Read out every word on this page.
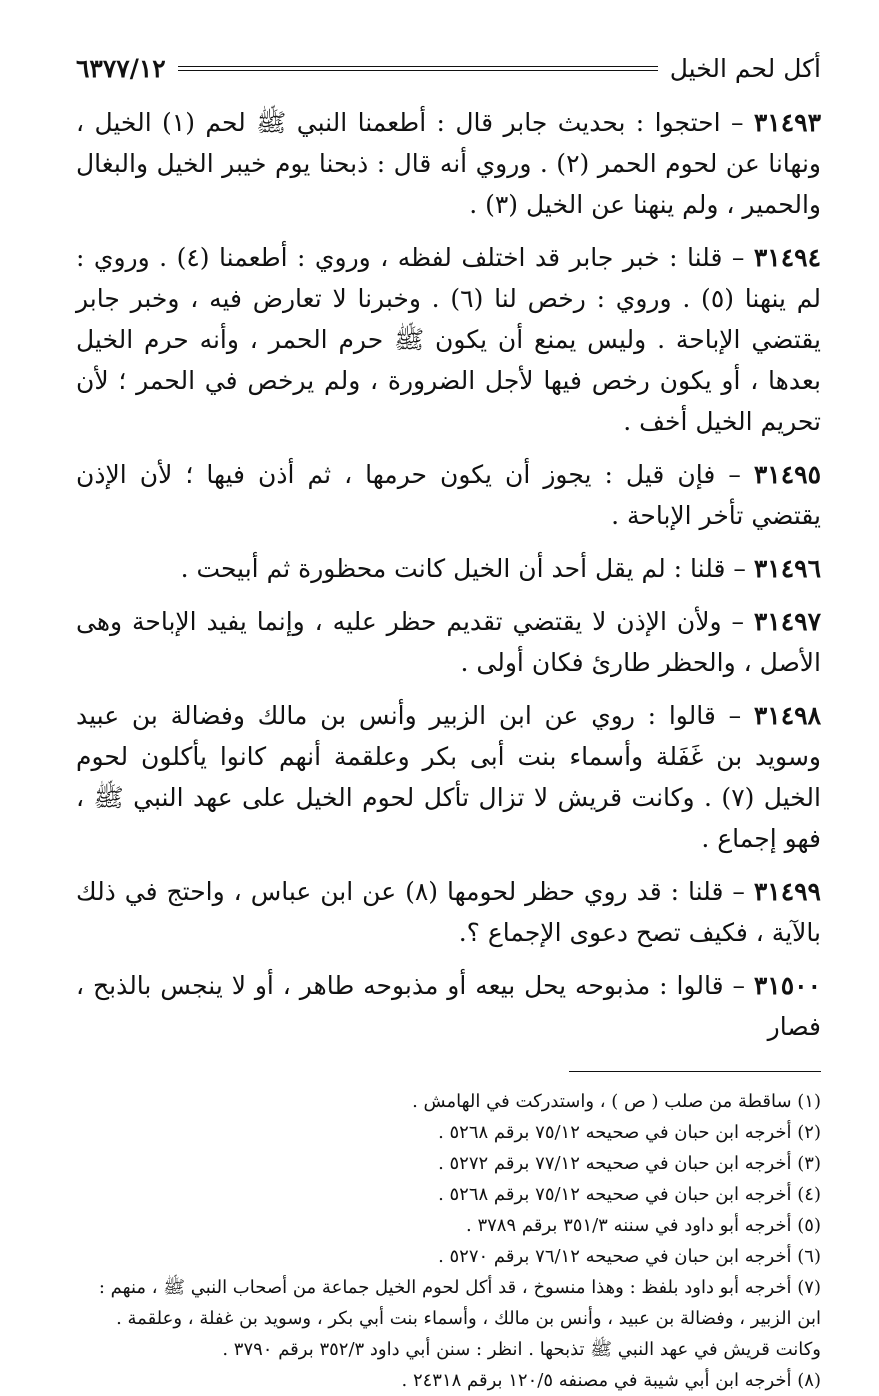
أكل لحم الخيل
٦٣٧٧/١٢

٣١٤٩٣ – احتجوا : بحديث جابر قال : أطعمنا النبي ﷺ لحم (١) الخيل ، ونهانا عن لحوم الحمر (٢) . وروي أنه قال : ذبحنا يوم خيبر الخيل والبغال والحمير ، ولم ينهنا عن الخيل (٣) .

٣١٤٩٤ – قلنا : خبر جابر قد اختلف لفظه ، وروي : أطعمنا (٤) . وروي : لم ينهنا (٥) . وروي : رخص لنا (٦) . وخبرنا لا تعارض فيه ، وخبر جابر يقتضي الإباحة . وليس يمنع أن يكون ﷺ حرم الحمر ، وأنه حرم الخيل بعدها ، أو يكون رخص فيها لأجل الضرورة ، ولم يرخص في الحمر ؛ لأن تحريم الخيل أخف .

٣١٤٩٥ – فإن قيل : يجوز أن يكون حرمها ، ثم أذن فيها ؛ لأن الإذن يقتضي تأخر الإباحة .

٣١٤٩٦ – قلنا : لم يقل أحد أن الخيل كانت محظورة ثم أبيحت .

٣١٤٩٧ – ولأن الإذن لا يقتضي تقديم حظر عليه ، وإنما يفيد الإباحة وهى الأصل ، والحظر طارئ فكان أولى .

٣١٤٩٨ – قالوا : روي عن ابن الزبير وأنس بن مالك وفضالة بن عبيد وسويد بن غَفَلة وأسماء بنت أبى بكر وعلقمة أنهم كانوا يأكلون لحوم الخيل (٧) . وكانت قريش لا تزال تأكل لحوم الخيل على عهد النبي ﷺ ، فهو إجماع .

٣١٤٩٩ – قلنا : قد روي حظر لحومها (٨) عن ابن عباس ، واحتج في ذلك بالآية ، فكيف تصح دعوى الإجماع ؟.

٣١٥٠٠ – قالوا : مذبوحه يحل بيعه أو مذبوحه طاهر ، أو لا ينجس بالذبح ، فصار

(١) ساقطة من صلب ( ص ) ، واستدركت في الهامش .

(٢) أخرجه ابن حبان في صحيحه ٧٥/١٢ برقم ٥٢٦٨ .

(٣) أخرجه ابن حبان في صحيحه ٧٧/١٢ برقم ٥٢٧٢ .

(٤) أخرجه ابن حبان في صحيحه ٧٥/١٢ برقم ٥٢٦٨ .

(٥) أخرجه أبو داود في سننه ٣٥١/٣ برقم ٣٧٨٩ .

(٦) أخرجه ابن حبان في صحيحه ٧٦/١٢ برقم ٥٢٧٠ .

(٧) أخرجه أبو داود بلفظ : وهذا منسوخ ، قد أكل لحوم الخيل جماعة من أصحاب النبي ﷺ ، منهم : ابن الزبير ، وفضالة بن عبيد ، وأنس بن مالك ، وأسماء بنت أبي بكر ، وسويد بن غفلة ، وعلقمة . وكانت قريش في عهد النبي ﷺ تذبحها . انظر : سنن أبي داود ٣٥٢/٣ برقم ٣٧٩٠ .

(٨) أخرجه ابن أبي شيبة في مصنفه ١٢٠/٥ برقم ٢٤٣١٨ .
